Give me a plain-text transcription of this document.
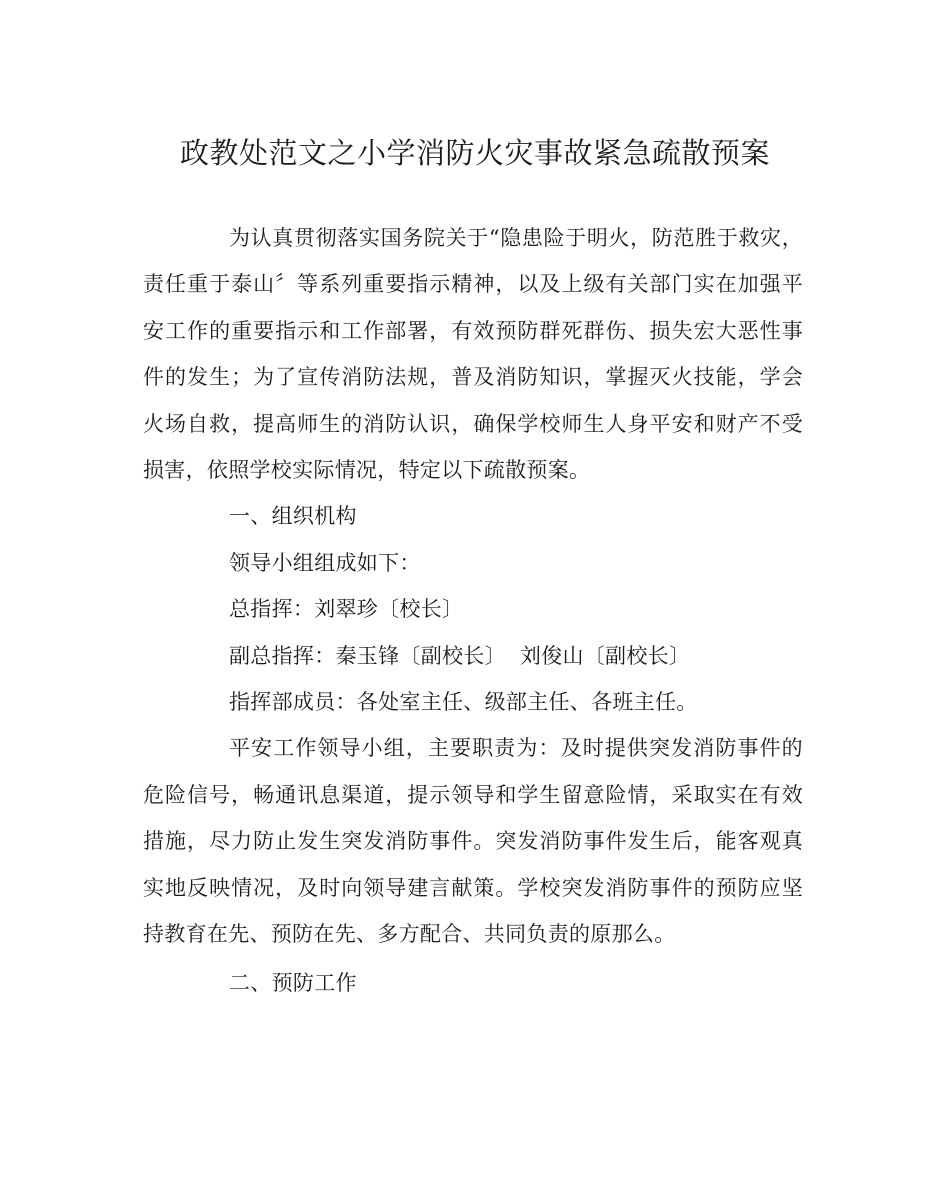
政教处范文之小学消防火灾事故紧急疏散预案

为认真贯彻落实国务院关于“隐患险于明火，防范胜于救灾，责任重于泰山〞等系列重要指示精神，以及上级有关部门实在加强平安工作的重要指示和工作部署，有效预防群死群伤、损失宏大恶性事件的发生；为了宣传消防法规，普及消防知识，掌握灭火技能，学会火场自救，提高师生的消防认识，确保学校师生人身平安和财产不受损害，依照学校实际情况，特定以下疏散预案。

一、组织机构

领导小组组成如下：

总指挥：刘翠珍〔校长〕

副总指挥：秦玉锋〔副校长〕  刘俊山〔副校长〕

指挥部成员：各处室主任、级部主任、各班主任。

平安工作领导小组，主要职责为：及时提供突发消防事件的危险信号，畅通讯息渠道，提示领导和学生留意险情，采取实在有效措施，尽力防止发生突发消防事件。突发消防事件发生后，能客观真实地反映情况，及时向领导建言献策。学校突发消防事件的预防应坚持教育在先、预防在先、多方配合、共同负责的原那么。

二、预防工作
